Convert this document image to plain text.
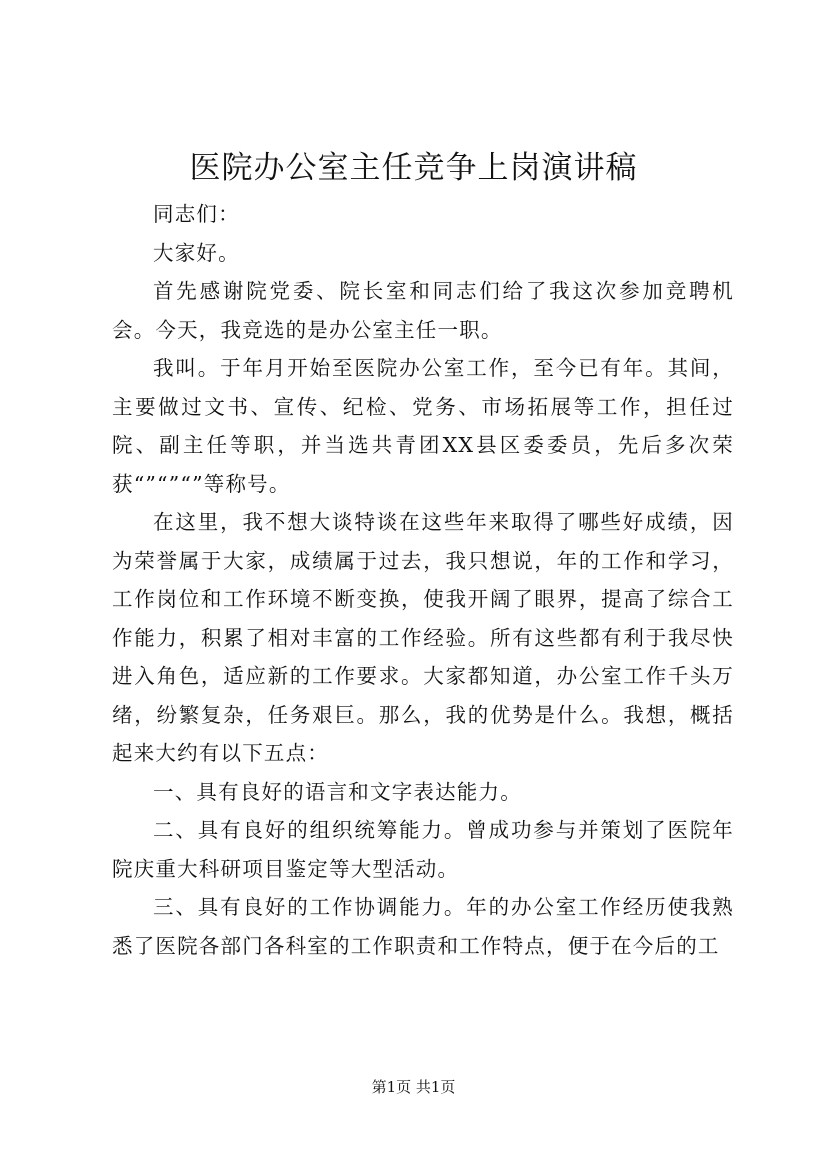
医院办公室主任竞争上岗演讲稿

同志们：

大家好。

首先感谢院党委、院长室和同志们给了我这次参加竞聘机会。今天，我竞选的是办公室主任一职。

我叫。于年月开始至医院办公室工作，至今已有年。其间，主要做过文书、宣传、纪检、党务、市场拓展等工作，担任过院、副主任等职，并当选共青团XX县区委委员，先后多次荣获“”“”“”等称号。

在这里，我不想大谈特谈在这些年来取得了哪些好成绩，因为荣誉属于大家，成绩属于过去，我只想说，年的工作和学习，工作岗位和工作环境不断变换，使我开阔了眼界，提高了综合工作能力，积累了相对丰富的工作经验。所有这些都有利于我尽快进入角色，适应新的工作要求。大家都知道，办公室工作千头万绪，纷繁复杂，任务艰巨。那么，我的优势是什么。我想，概括起来大约有以下五点：

一、具有良好的语言和文字表达能力。

二、具有良好的组织统筹能力。曾成功参与并策划了医院年院庆重大科研项目鉴定等大型活动。

三、具有良好的工作协调能力。年的办公室工作经历使我熟悉了医院各部门各科室的工作职责和工作特点，便于在今后的工

第1页 共1页
